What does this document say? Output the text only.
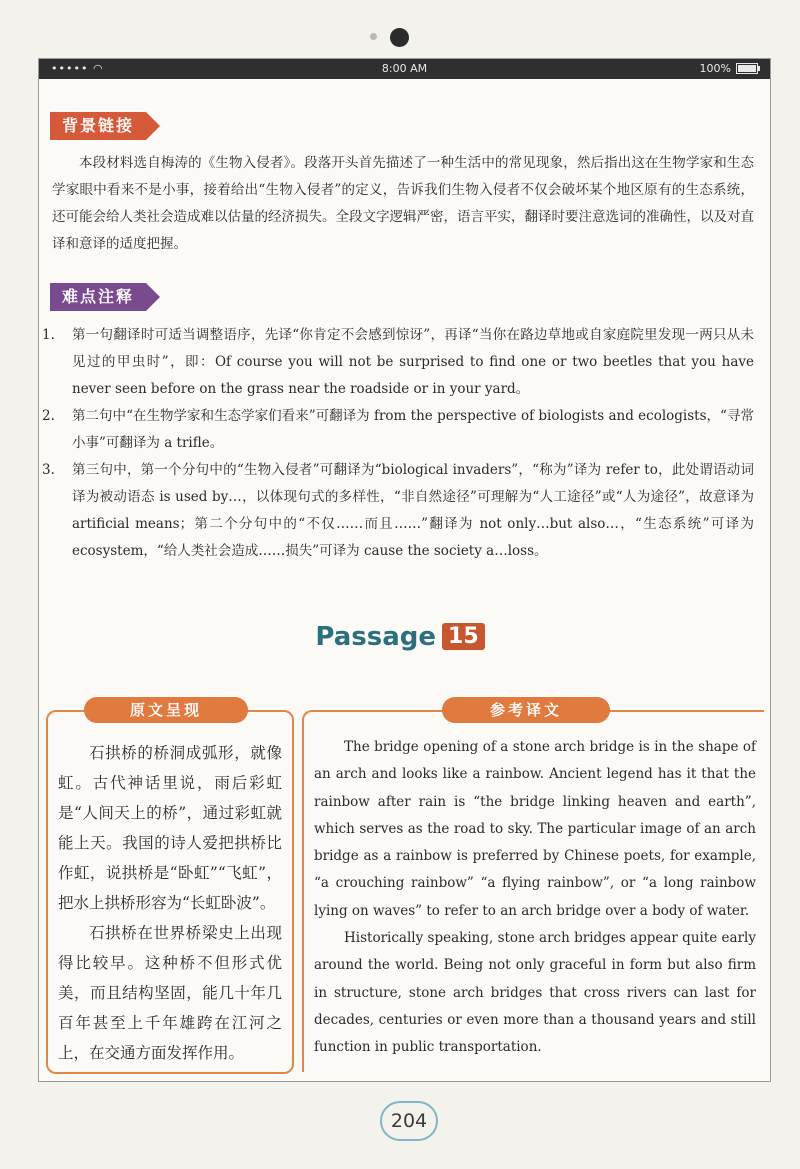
••••• ◠	8:00 AM	100%
背景链接
本段材料选自梅涛的《生物入侵者》。段落开头首先描述了一种生活中的常见现象，然后指出这在生物学家和生态学家眼中看来不是小事，接着给出“生物入侵者”的定义，告诉我们生物入侵者不仅会破坏某个地区原有的生态系统，还可能会给人类社会造成难以估量的经济损失。全段文字逻辑严密，语言平实，翻译时要注意选词的准确性，以及对直译和意译的适度把握。
难点注释
1. 第一句翻译时可适当调整语序，先译“你肯定不会感到惊讶”，再译“当你在路边草地或自家庭院里发现一两只从未见过的甲虫时”，即：Of course you will not be surprised to find one or two beetles that you have never seen before on the grass near the roadside or in your yard。
2. 第二句中“在生物学家和生态学家们看来”可翻译为 from the perspective of biologists and ecologists，“寻常小事”可翻译为 a trifle。
3. 第三句中，第一个分句中的“生物入侵者”可翻译为“biological invaders”，“称为”译为 refer to，此处谓语动词译为被动语态 is used by…，以体现句式的多样性，“非自然途径”可理解为“人工途径”或“人为途径”，故意译为 artificial means；第二个分句中的“不仅……而且……”翻译为 not only…but also…，“生态系统”可译为 ecosystem，“给人类社会造成……损失”可译为 cause the society a…loss。
Passage 15
原文呈现	参考译文

石拱桥的桥洞成弧形，就像虹。古代神话里说，雨后彩虹是“人间天上的桥”，通过彩虹就能上天。我国的诗人爱把拱桥比作虹，说拱桥是“卧虹”“飞虹”，把水上拱桥形容为“长虹卧波”。

石拱桥在世界桥梁史上出现得比较早。这种桥不但形式优美，而且结构坚固，能几十年几百年甚至上千年雄跨在江河之上，在交通方面发挥作用。

The bridge opening of a stone arch bridge is in the shape of an arch and looks like a rainbow. Ancient legend has it that the rainbow after rain is “the bridge linking heaven and earth”, which serves as the road to sky. The particular image of an arch bridge as a rainbow is preferred by Chinese poets, for example, “a crouching rainbow” “a flying rainbow”, or “a long rainbow lying on waves” to refer to an arch bridge over a body of water.

Historically speaking, stone arch bridges appear quite early around the world. Being not only graceful in form but also firm in structure, stone arch bridges that cross rivers can last for decades, centuries or even more than a thousand years and still function in public transportation.

204
